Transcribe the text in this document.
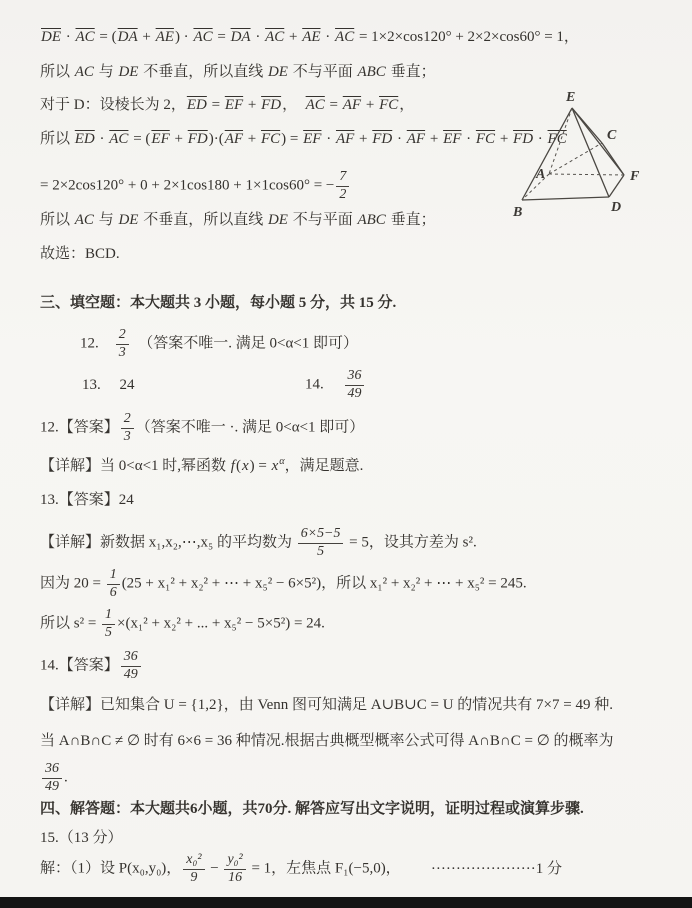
$\overline{DE} \cdot \overline{AC} = (\overline{DA} + \overline{AE}) \cdot \overline{AC} = \overline{DA} \cdot \overline{AC} + \overline{AE} \cdot \overline{AC} = 1\times 2\times\cos 120^\circ + 2\times 2\times\cos 60^\circ = 1$，
所以 AC 与 DE 不垂直，所以直线 DE 不与平面 ABC 垂直；
对于 D：设棱长为 2，$\overline{ED} = \overline{EF} + \overline{FD}$，　$\overline{AC} = \overline{AF} + \overline{FC}$，
所以 $\overline{ED} \cdot \overline{AC} = (\overline{EF} + \overline{FD})\cdot(\overline{AF} + \overline{FC}) = \overline{EF} \cdot \overline{AF} + \overline{FD} \cdot \overline{AF} + \overline{EF} \cdot \overline{FC} + \overline{FD} \cdot \overline{FC}$
= 2×2cos120° + 0 + 2×1cos180 + 1×1cos60° = − $\frac{7}{2}$
所以 AC 与 DE 不垂直，所以直线 DE 不与平面 ABC 垂直；
故选：BCD.
E
C
A	F
D
B
三、填空题：本大题共 3 小题，每小题 5 分，共 15 分.
12.　 $\frac{2}{3}$ 　（答案不唯一. 满足 0<α<1 即可）
13.　 24	14.　 $\frac{36}{49}$
12.【答案】 $\frac{2}{3}$ （答案不唯一 ·. 满足 0<α<1 即可）
【详解】当 0<α<1 时,幂函数 $f(x) = x^\alpha$，满足题意.
13.【答案】24
【详解】新数据 x₁,x₂,⋯,x₅ 的平均数为 $\frac{6\times 5-5}{5} = 5$，设其方差为 s².
因为 $20 = \frac{1}{6} (25 + x_1^2 + x_2^2$ + ⋯ + x₅² − 6×5²)，所以 x₁² + x₂² + ⋯ + x₅² = 245.
所以 $s^2 = \frac{1}{5} \times(x_1^2 + x_2^2$ + ... + x₅² − 5×5²) = 24.
14.【答案】 $\frac{36}{49}$
【详解】已知集合 U = {1,2}，由 Venn 图可知满足 A∪B∪C = U 的情况共有 7×7 = 49 种.
当 A∩B∩C ≠ ∅ 时有 6×6 = 36 种情况.根据古典概型概率公式可得 A∩B∩C = ∅ 的概率为
$\frac{36}{49}$ .
四、解答题：本大题共6小题，共70分. 解答应写出文字说明，证明过程或演算步骤.
15.（13 分）
解：（1）设 P(x₀,y₀)， $\frac{\text{x₀²}}{9} - \frac{\text{y₀²}}{16} = 1$，左焦点 F₁(−5,0)， ·····················1 分
